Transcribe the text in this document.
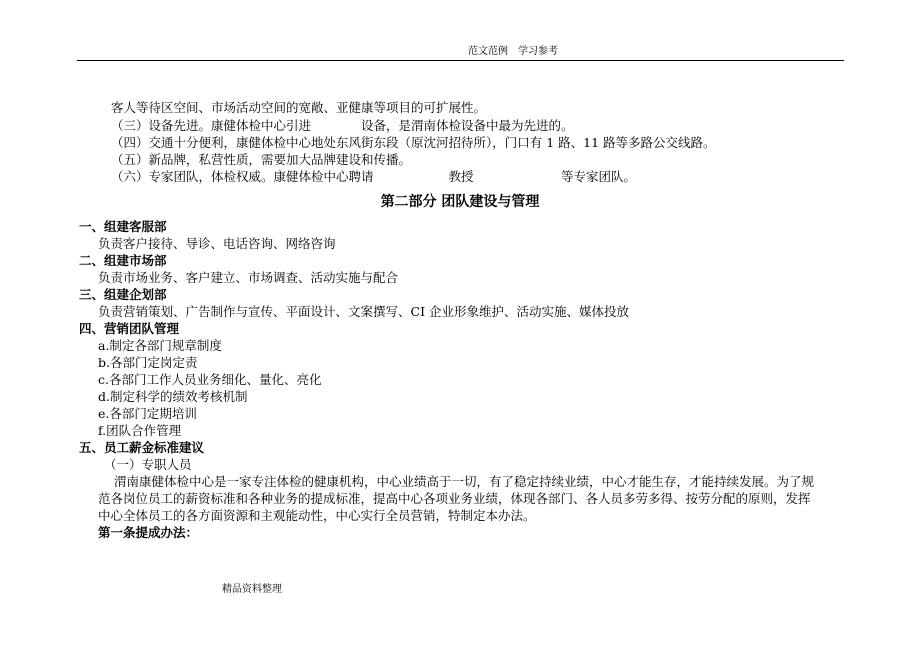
范文范例　学习参考
客人等待区空间、市场活动空间的宽敞、亚健康等项目的可扩展性。
（三）设备先进。康健体检中心引进　　　　设备，是渭南体检设备中最为先进的。
（四）交通十分便利，康健体检中心地处东风街东段（原沈河招待所），门口有 1 路、11 路等多路公交线路。
（五）新品牌，私营性质，需要加大品牌建设和传播。
（六）专家团队，体检权威。康健体检中心聘请　　　　　　教授　　　　　　　等专家团队。
第二部分 团队建设与管理
一、组建客服部
负责客户接待、导诊、电话咨询、网络咨询
二、组建市场部
负责市场业务、客户建立、市场调查、活动实施与配合
三、组建企划部
负责营销策划、广告制作与宣传、平面设计、文案撰写、CI 企业形象维护、活动实施、媒体投放
四、营销团队管理
a.制定各部门规章制度
b.各部门定岗定责
c.各部门工作人员业务细化、量化、亮化
d.制定科学的绩效考核机制
e.各部门定期培训
f.团队合作管理
五、员工薪金标准建议
（一）专职人员
渭南康健体检中心是一家专注体检的健康机构，中心业绩高于一切，有了稳定持续业绩，中心才能生存，才能持续发展。为了规
范各岗位员工的薪资标准和各种业务的提成标准，提高中心各项业务业绩，体现各部门、各人员多劳多得、按劳分配的原则，发挥
中心全体员工的各方面资源和主观能动性，中心实行全员营销，特制定本办法。
第一条提成办法：
精品资料整理
